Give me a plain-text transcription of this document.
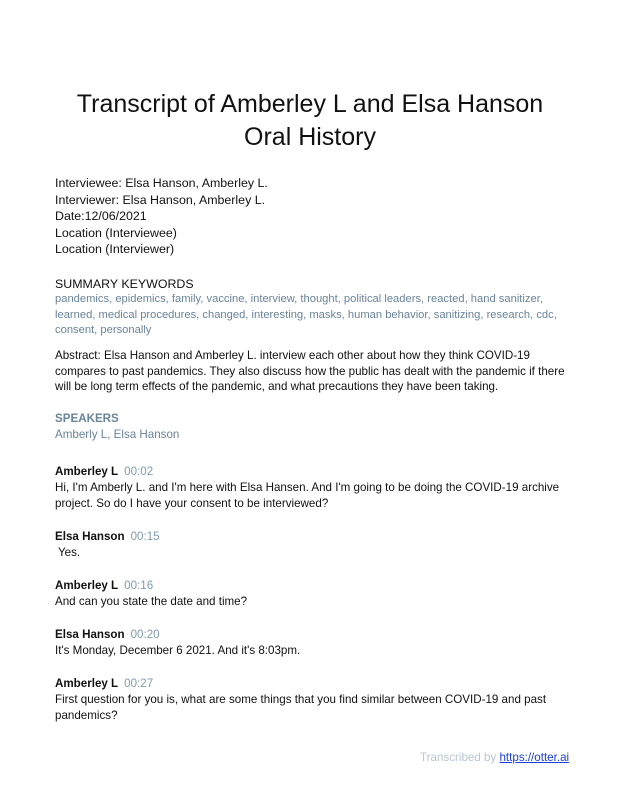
Transcript of Amberley L and Elsa Hanson Oral History
Interviewee: Elsa Hanson, Amberley L.
Interviewer: Elsa Hanson, Amberley L.
Date:12/06/2021
Location (Interviewee)
Location (Interviewer)
SUMMARY KEYWORDS
pandemics, epidemics, family, vaccine, interview, thought, political leaders, reacted, hand sanitizer, learned, medical procedures, changed, interesting, masks, human behavior, sanitizing, research, cdc, consent, personally
Abstract: Elsa Hanson and Amberley L. interview each other about how they think COVID-19 compares to past pandemics. They also discuss how the public has dealt with the pandemic if there will be long term effects of the pandemic, and what precautions they have been taking.
SPEAKERS
Amberly L, Elsa Hanson
Amberley L 00:02
Hi, I'm Amberly L. and I'm here with Elsa Hansen. And I'm going to be doing the COVID-19 archive project. So do I have your consent to be interviewed?
Elsa Hanson 00:15
Yes.
Amberley L 00:16
And can you state the date and time?
Elsa Hanson 00:20
It's Monday, December 6 2021. And it's 8:03pm.
Amberley L 00:27
First question for you is, what are some things that you find similar between COVID-19 and past pandemics?
Transcribed by https://otter.ai
